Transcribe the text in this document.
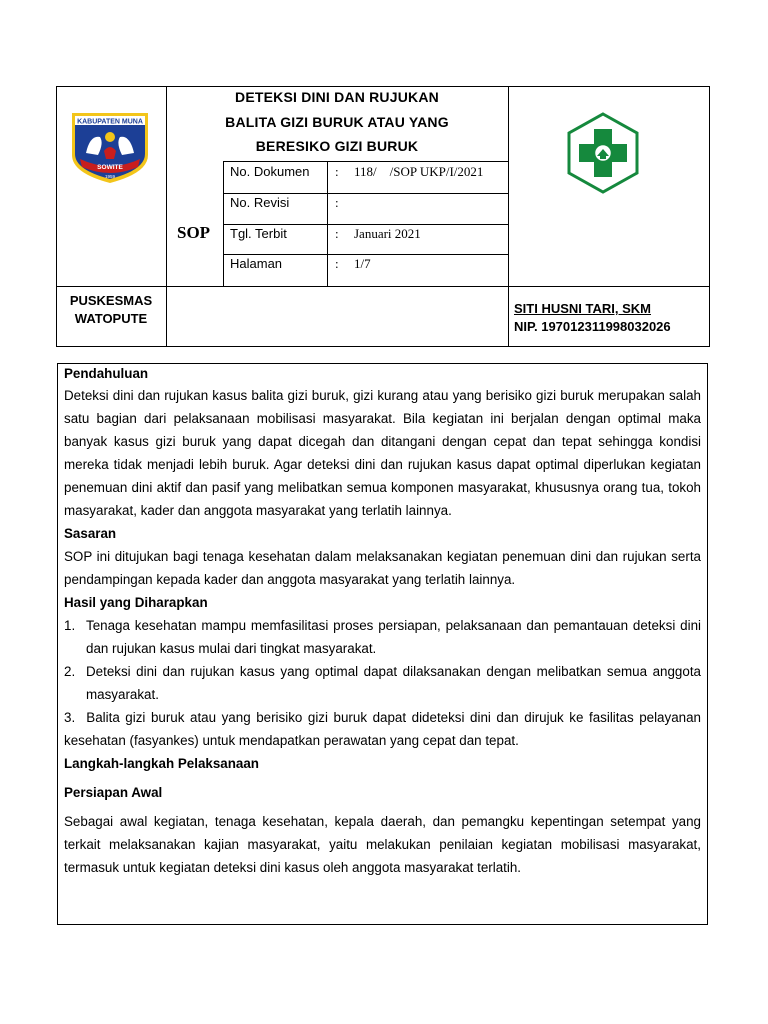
DETEKSI DINI DAN RUJUKAN
BALITA GIZI BURUK ATAU YANG
BERESIKO GIZI BURUK
SOP
No. Dokumen : 118/    /SOP UKP/I/2021
No. Revisi	:
Tgl. Terbit	: Januari 2021
Halaman	: 1/7
KABUPATEN MUNA
SOWITE
1959
PUSKESMAS
WATOPUTE
SITI HUSNI TARI, SKM
NIP. 197012311998032026
Pendahuluan

Deteksi dini dan rujukan kasus balita gizi buruk, gizi kurang atau yang berisiko gizi buruk merupakan salah satu bagian dari pelaksanaan mobilisasi masyarakat. Bila kegiatan ini berjalan dengan optimal maka banyak kasus gizi buruk yang dapat dicegah dan ditangani dengan cepat dan tepat sehingga kondisi mereka tidak menjadi lebih buruk. Agar deteksi dini dan rujukan kasus dapat optimal diperlukan kegiatan penemuan dini aktif dan pasif yang melibatkan semua komponen masyarakat, khususnya orang tua, tokoh masyarakat, kader dan anggota masyarakat yang terlatih lainnya.

Sasaran

SOP ini ditujukan bagi tenaga kesehatan dalam melaksanakan kegiatan penemuan dini dan rujukan serta pendampingan kepada kader dan anggota masyarakat yang terlatih lainnya.

Hasil yang Diharapkan
1. Tenaga kesehatan mampu memfasilitasi proses persiapan, pelaksanaan dan pemantauan deteksi dini dan rujukan kasus mulai dari tingkat masyarakat.
2. Deteksi dini dan rujukan kasus yang optimal dapat dilaksanakan dengan melibatkan semua anggota masyarakat.

3.  Balita gizi buruk atau yang berisiko gizi buruk dapat dideteksi dini dan dirujuk ke fasilitas pelayanan kesehatan (fasyankes) untuk mendapatkan perawatan yang cepat dan tepat.

Langkah-langkah Pelaksanaan
Persiapan Awal

Sebagai awal kegiatan, tenaga kesehatan, kepala daerah, dan pemangku kepentingan setempat yang terkait melaksanakan kajian masyarakat, yaitu melakukan penilaian kegiatan mobilisasi masyarakat, termasuk untuk kegiatan deteksi dini kasus oleh anggota masyarakat terlatih.
